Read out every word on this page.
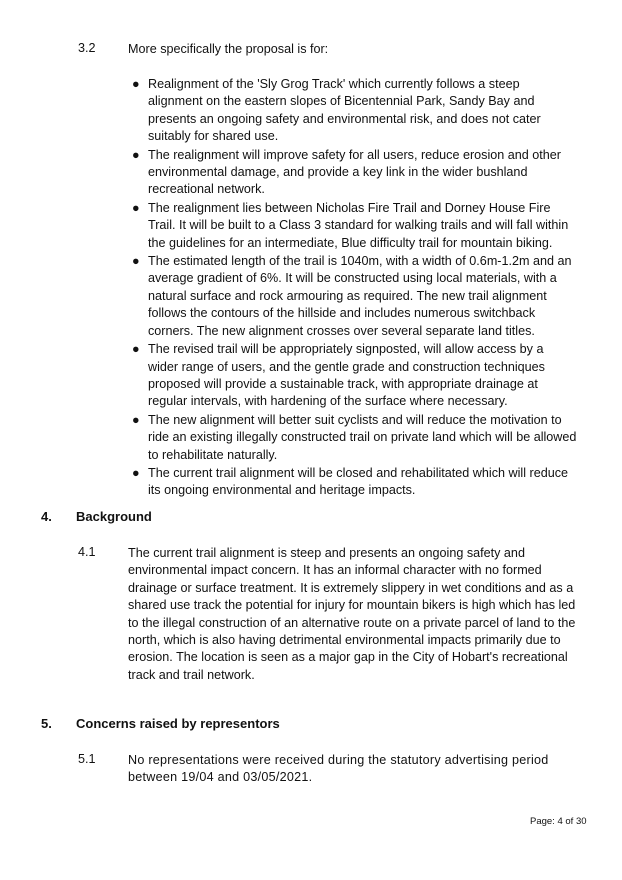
3.2	More specifically the proposal is for:
● Realignment of the 'Sly Grog Track' which currently follows a steep alignment on the eastern slopes of Bicentennial Park, Sandy Bay and presents an ongoing safety and environmental risk, and does not cater suitably for shared use.
● The realignment will improve safety for all users, reduce erosion and other environmental damage, and provide a key link in the wider bushland recreational network.
● The realignment lies between Nicholas Fire Trail and Dorney House Fire Trail. It will be built to a Class 3 standard for walking trails and will fall within the guidelines for an intermediate, Blue difficulty trail for mountain biking.
● The estimated length of the trail is 1040m, with a width of 0.6m-1.2m and an average gradient of 6%. It will be constructed using local materials, with a natural surface and rock armouring as required. The new trail alignment follows the contours of the hillside and includes numerous switchback corners. The new alignment crosses over several separate land titles.
● The revised trail will be appropriately signposted, will allow access by a wider range of users, and the gentle grade and construction techniques proposed will provide a sustainable track, with appropriate drainage at regular intervals, with hardening of the surface where necessary.
● The new alignment will better suit cyclists and will reduce the motivation to ride an existing illegally constructed trail on private land which will be allowed to rehabilitate naturally.
● The current trail alignment will be closed and rehabilitated which will reduce its ongoing environmental and heritage impacts.
4. Background
4.1	The current trail alignment is steep and presents an ongoing safety and environmental impact concern. It has an informal character with no formed drainage or surface treatment. It is extremely slippery in wet conditions and as a shared use track the potential for injury for mountain bikers is high which has led to the illegal construction of an alternative route on a private parcel of land to the north, which is also having detrimental environmental impacts primarily due to erosion. The location is seen as a major gap in the City of Hobart's recreational track and trail network.
5. Concerns raised by representors
5.1	No representations were received during the statutory advertising period between 19/04 and 03/05/2021.
Page: 4 of 30
